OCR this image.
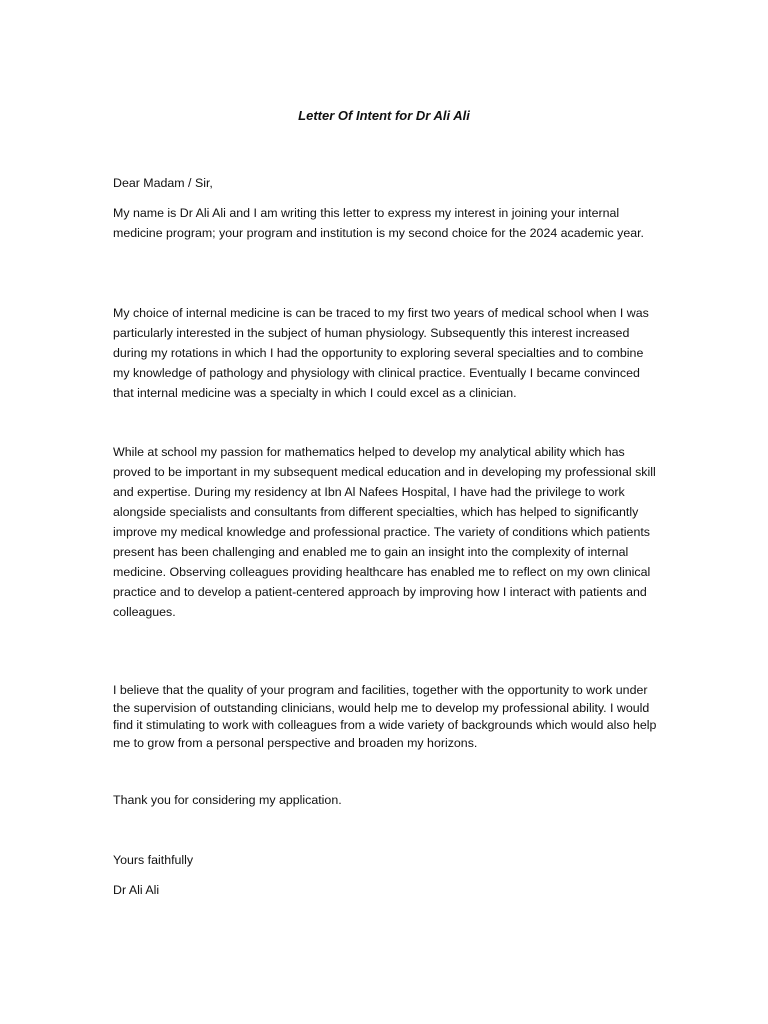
Letter Of Intent for Dr Ali Ali

Dear Madam / Sir,

My name is Dr Ali Ali and I am writing this letter to express my interest in joining your internal medicine program; your program and institution is my second choice for the 2024 academic year.

My choice of internal medicine is can be traced to my first two years of medical school when I was particularly interested in the subject of human physiology. Subsequently this interest increased during my rotations in which I had the opportunity to exploring several specialties and to combine my knowledge of pathology and physiology with clinical practice. Eventually I became convinced that internal medicine was a specialty in which I could excel as a clinician.

While at school my passion for mathematics helped to develop my analytical ability which has proved to be important in my subsequent medical education and in developing my professional skill and expertise. During my residency at Ibn Al Nafees Hospital, I have had the privilege to work alongside specialists and consultants from different specialties, which has helped to significantly improve my medical knowledge and professional practice. The variety of conditions which patients present has been challenging and enabled me to gain an insight into the complexity of internal medicine. Observing colleagues providing healthcare has enabled me to reflect on my own clinical practice and to develop a patient-centered approach by improving how I interact with patients and colleagues.

I believe that the quality of your program and facilities, together with the opportunity to work under the supervision of outstanding clinicians, would help me to develop my professional ability. I would find it stimulating to work with colleagues from a wide variety of backgrounds which would also help me to grow from a personal perspective and broaden my horizons.

Thank you for considering my application.

Yours faithfully

Dr Ali Ali
